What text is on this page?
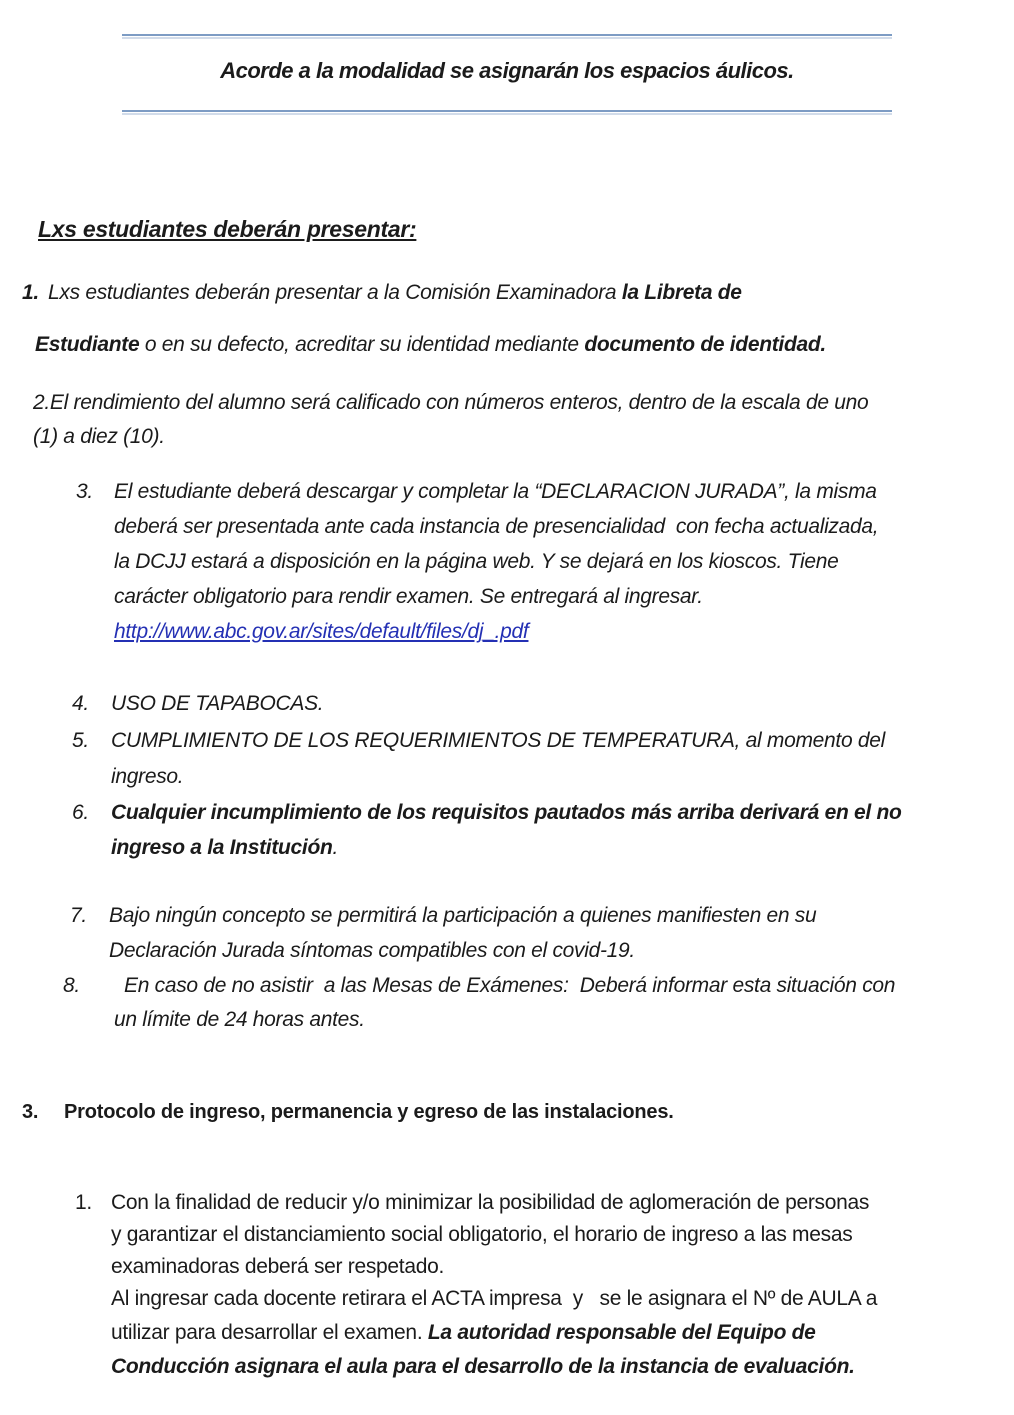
Acorde a la modalidad se asignarán los espacios áulicos.
Lxs estudiantes deberán presentar:
1. Lxs estudiantes deberán presentar a la Comisión Examinadora la Libreta de
Estudiante o en su defecto, acreditar su identidad mediante documento de identidad.
2.El rendimiento del alumno será calificado con números enteros, dentro de la escala de uno
(1) a diez (10).
3. El estudiante deberá descargar y completar la “DECLARACION JURADA”, la misma
deberá ser presentada ante cada instancia de presencialidad  con fecha actualizada,
la DCJJ estará a disposición en la página web. Y se dejará en los kioscos. Tiene
carácter obligatorio para rendir examen. Se entregará al ingresar.
http://www.abc.gov.ar/sites/default/files/dj_.pdf
4. USO DE TAPABOCAS.
5. CUMPLIMIENTO DE LOS REQUERIMIENTOS DE TEMPERATURA, al momento del
ingreso.
6. Cualquier incumplimiento de los requisitos pautados más arriba derivará en el no
ingreso a la Institución.
7. Bajo ningún concepto se permitirá la participación a quienes manifiesten en su
Declaración Jurada síntomas compatibles con el covid-19.
8. En caso de no asistir  a las Mesas de Exámenes:  Deberá informar esta situación con
un límite de 24 horas antes.
3. Protocolo de ingreso, permanencia y egreso de las instalaciones.
1. Con la finalidad de reducir y/o minimizar la posibilidad de aglomeración de personas
y garantizar el distanciamiento social obligatorio, el horario de ingreso a las mesas
examinadoras deberá ser respetado.
Al ingresar cada docente retirara el ACTA impresa  y   se le asignara el Nº de AULA a
utilizar para desarrollar el examen. La autoridad responsable del Equipo de
Conducción asignara el aula para el desarrollo de la instancia de evaluación.
